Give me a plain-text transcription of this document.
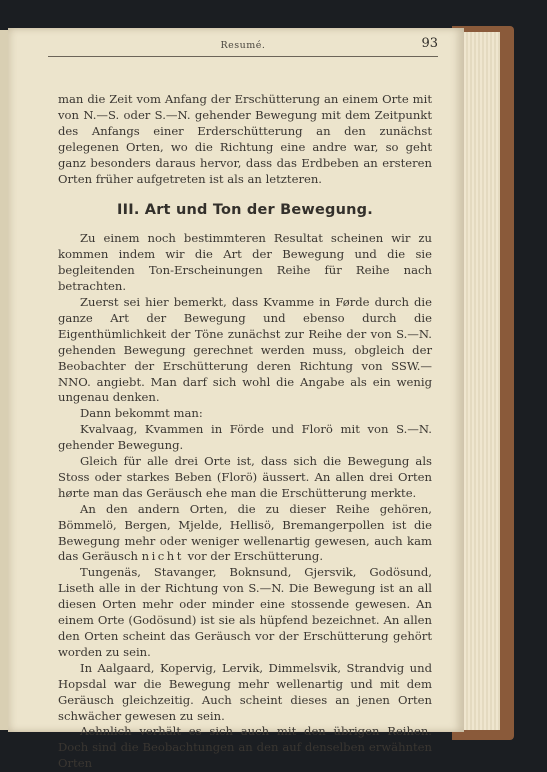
Resumé.	93

man die Zeit vom Anfang der Erschütterung an einem Orte mit von N.—S. oder S.—N. gehender Bewegung mit dem Zeitpunkt des Anfangs einer Erderschütterung an den zunächst gelegenen Orten, wo die Richtung eine andre war, so geht ganz besonders daraus hervor, dass das Erdbeben an ersteren Orten früher aufgetreten ist als an letzteren.

III. Art und Ton der Bewegung.

Zu einem noch bestimmteren Resultat scheinen wir zu kommen indem wir die Art der Bewegung und die sie begleitenden Ton-Erscheinungen Reihe für Reihe nach betrachten.

Zuerst sei hier bemerkt, dass Kvamme in Førde durch die ganze Art der Bewegung und ebenso durch die Eigenthümlichkeit der Töne zunächst zur Reihe der von S.—N. gehenden Bewegung gerechnet werden muss, obgleich der Beobachter der Erschütterung deren Richtung von SSW.—NNO. angiebt. Man darf sich wohl die Angabe als ein wenig ungenau denken.

Dann bekommt man:

Kvalvaag, Kvammen in Förde und Florö mit von S.—N. gehender Bewegung.

Gleich für alle drei Orte ist, dass sich die Bewegung als Stoss oder starkes Beben (Florö) äussert. An allen drei Orten hørte man das Geräusch ehe man die Erschütterung merkte.

An den andern Orten, die zu dieser Reihe gehören, Bömmelö, Bergen, Mjelde, Hellisö, Bremangerpollen ist die Bewegung mehr oder weniger wellenartig gewesen, auch kam das Geräusch nicht vor der Erschütterung.

Tungenäs, Stavanger, Boknsund, Gjersvik, Godösund, Liseth alle in der Richtung von S.—N. Die Bewegung ist an all diesen Orten mehr oder minder eine stossende gewesen. An einem Orte (Godösund) ist sie als hüpfend bezeichnet. An allen den Orten scheint das Geräusch vor der Erschütterung gehört worden zu sein.

In Aalgaard, Kopervig, Lervik, Dimmelsvik, Strandvig und Hopsdal war die Bewegung mehr wellenartig und mit dem Geräusch gleichzeitig. Auch scheint dieses an jenen Orten schwächer gewesen zu sein.

Aehnlich verhält es sich auch mit den übrigen Reihen. Doch sind die Beobachtungen an den auf denselben erwähnten Orten
